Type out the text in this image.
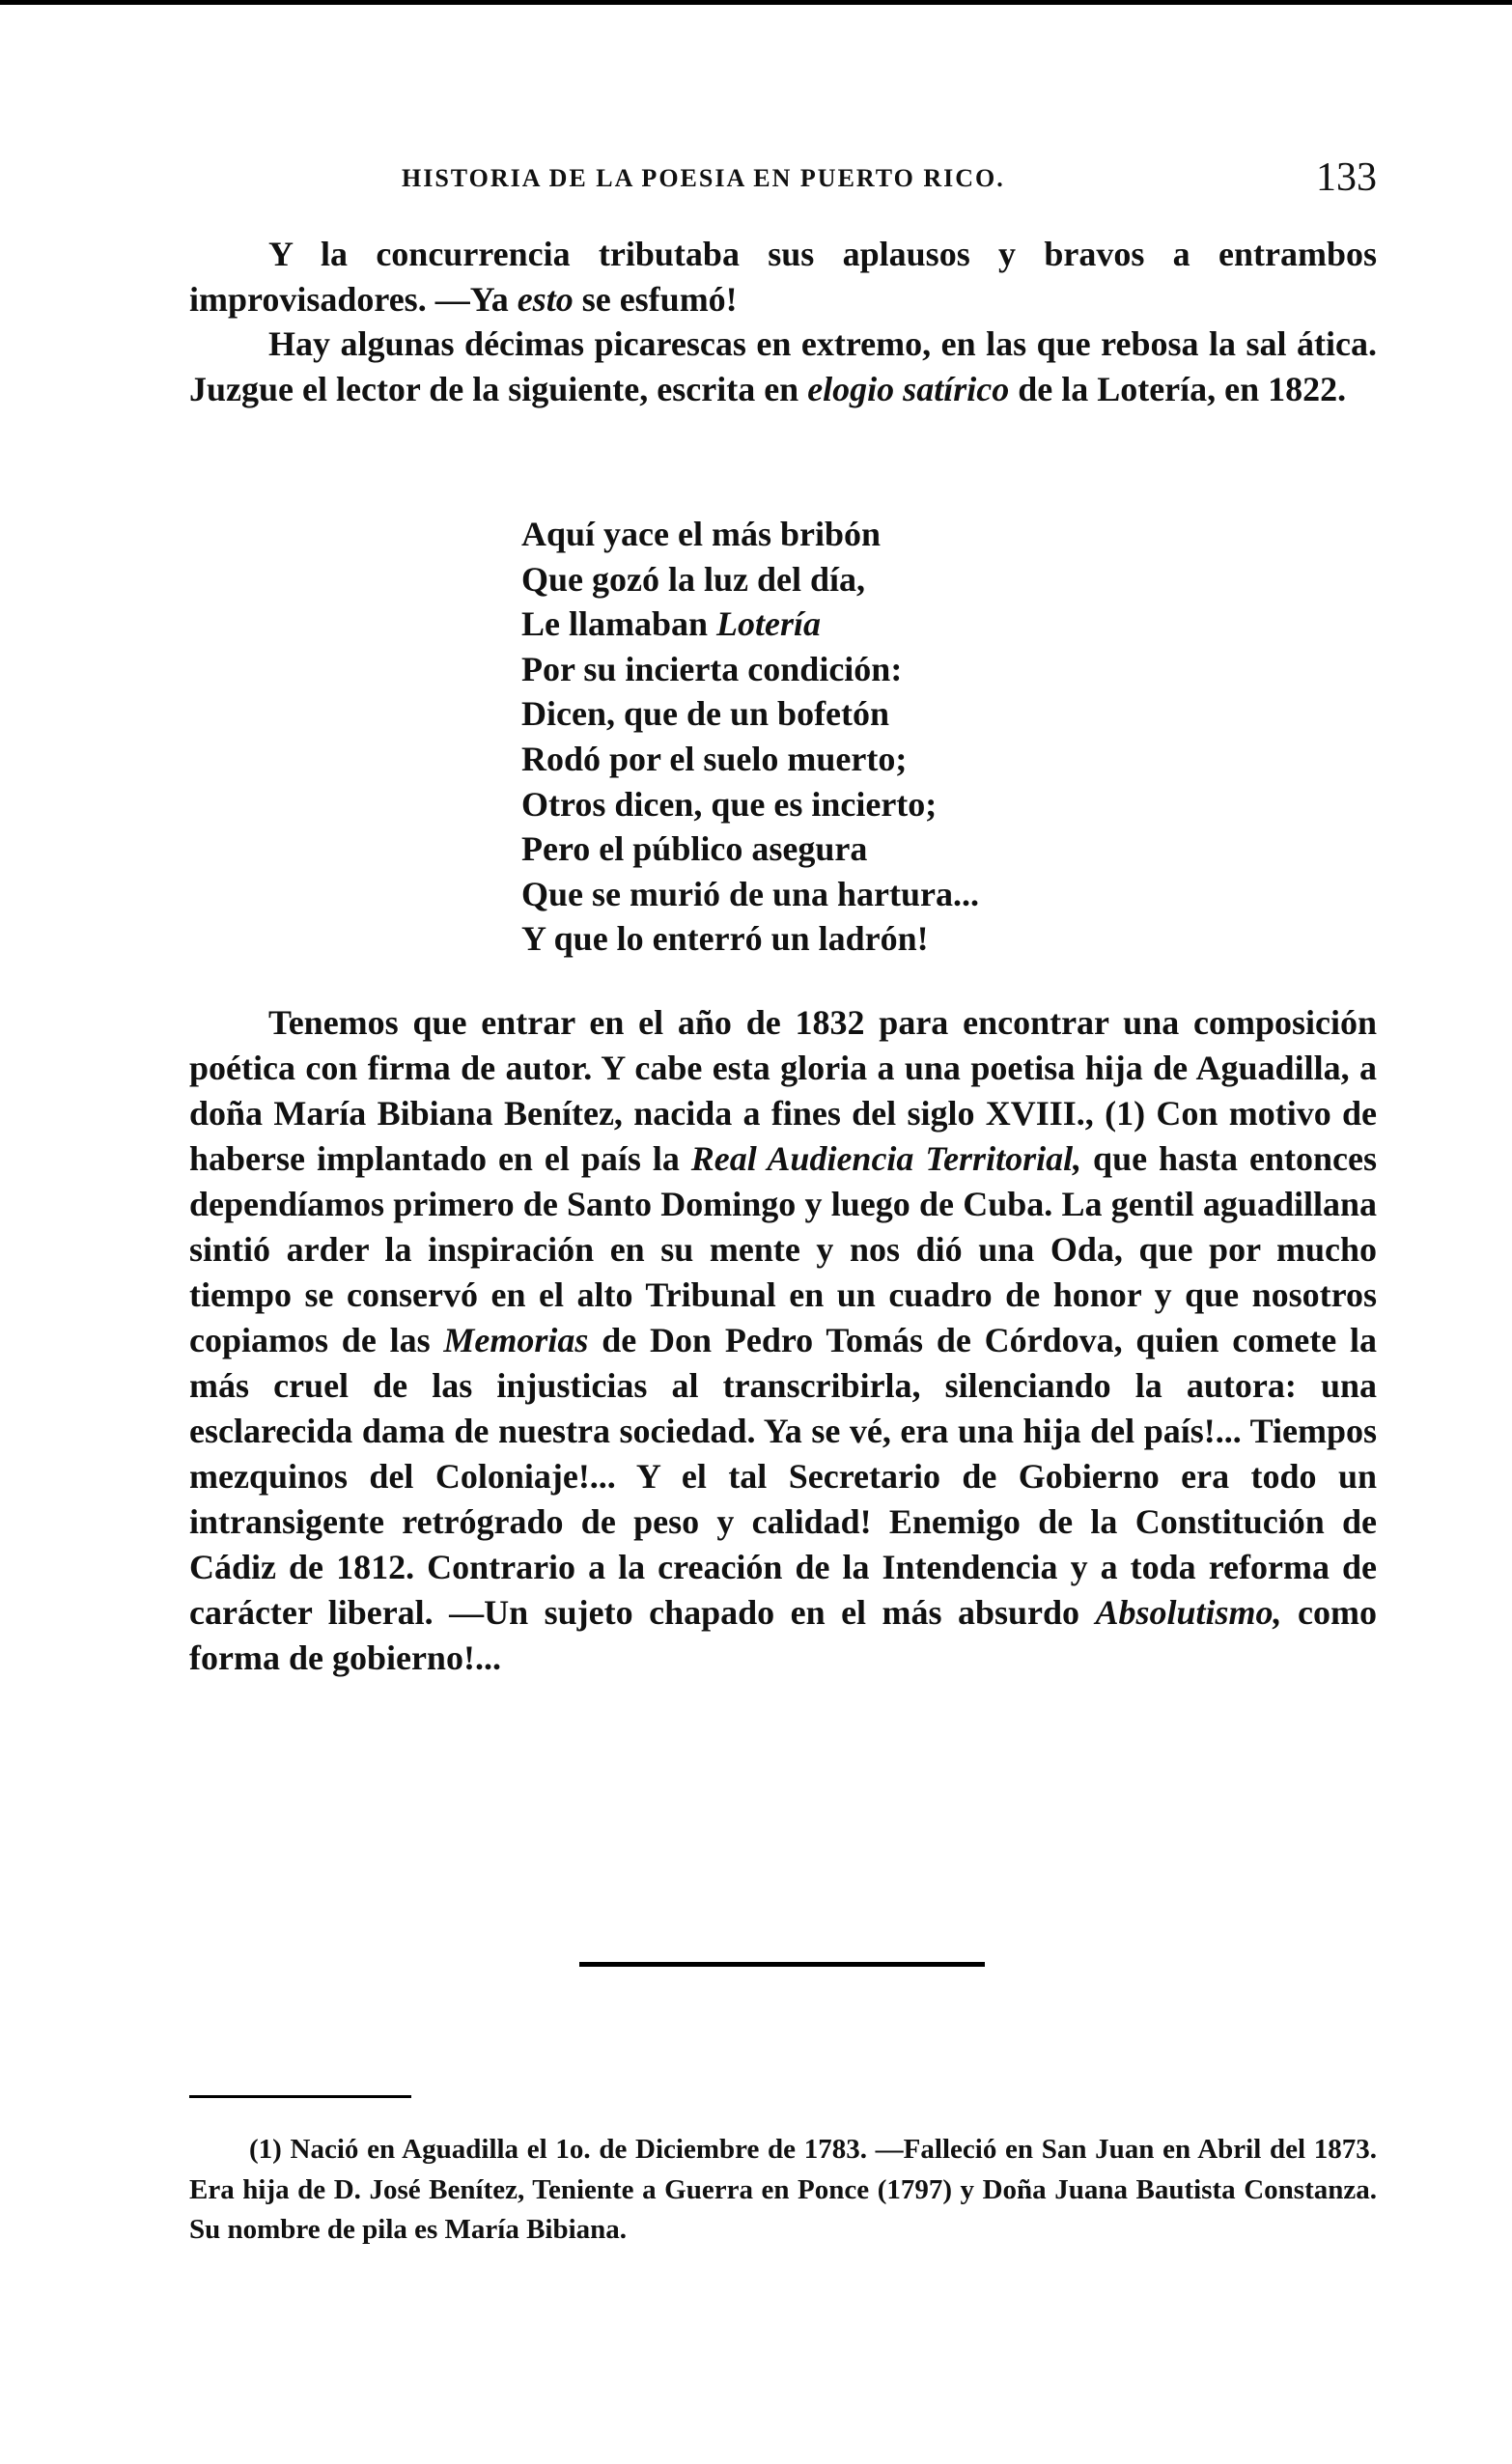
HISTORIA DE LA POESIA EN PUERTO RICO.	133

Y la concurrencia tributaba sus aplausos y bravos a entrambos improvisadores. —Ya esto se esfumó!

Hay algunas décimas picarescas en extremo, en las que rebosa la sal ática. Juzgue el lector de la siguiente, escrita en elogio satírico de la Lotería, en 1822.

Aquí yace el más bribón
Que gozó la luz del día,
Le llamaban Lotería
Por su incierta condición:
Dicen, que de un bofetón
Rodó por el suelo muerto;
Otros dicen, que es incierto;
Pero el público asegura
Que se murió de una hartura...
Y que lo enterró un ladrón!

Tenemos que entrar en el año de 1832 para encontrar una composición poética con firma de autor. Y cabe esta gloria a una poetisa hija de Aguadilla, a doña María Bibiana Benítez, nacida a fines del siglo XVIII., (1) Con motivo de haberse implantado en el país la Real Audiencia Territorial, que hasta entonces dependíamos primero de Santo Domingo y luego de Cuba. La gentil aguadillana sintió arder la inspiración en su mente y nos dió una Oda, que por mucho tiempo se conservó en el alto Tribunal en un cuadro de honor y que nosotros copiamos de las Memorias de Don Pedro Tomás de Córdova, quien comete la más cruel de las injusticias al transcribirla, silenciando la autora: una esclarecida dama de nuestra sociedad. Ya se vé, era una hija del país!... Tiempos mezquinos del Coloniaje!... Y el tal Secretario de Gobierno era todo un intransigente retrógrado de peso y calidad! Enemigo de la Constitución de Cádiz de 1812. Contrario a la creación de la Intendencia y a toda reforma de carácter liberal. —Un sujeto chapado en el más absurdo Absolutismo, como forma de gobierno!...

(1) Nació en Aguadilla el 1o. de Diciembre de 1783. —Falleció en San Juan en Abril del 1873. Era hija de D. José Benítez, Teniente a Guerra en Ponce (1797) y Doña Juana Bautista Constanza. Su nombre de pila es María Bibiana.
